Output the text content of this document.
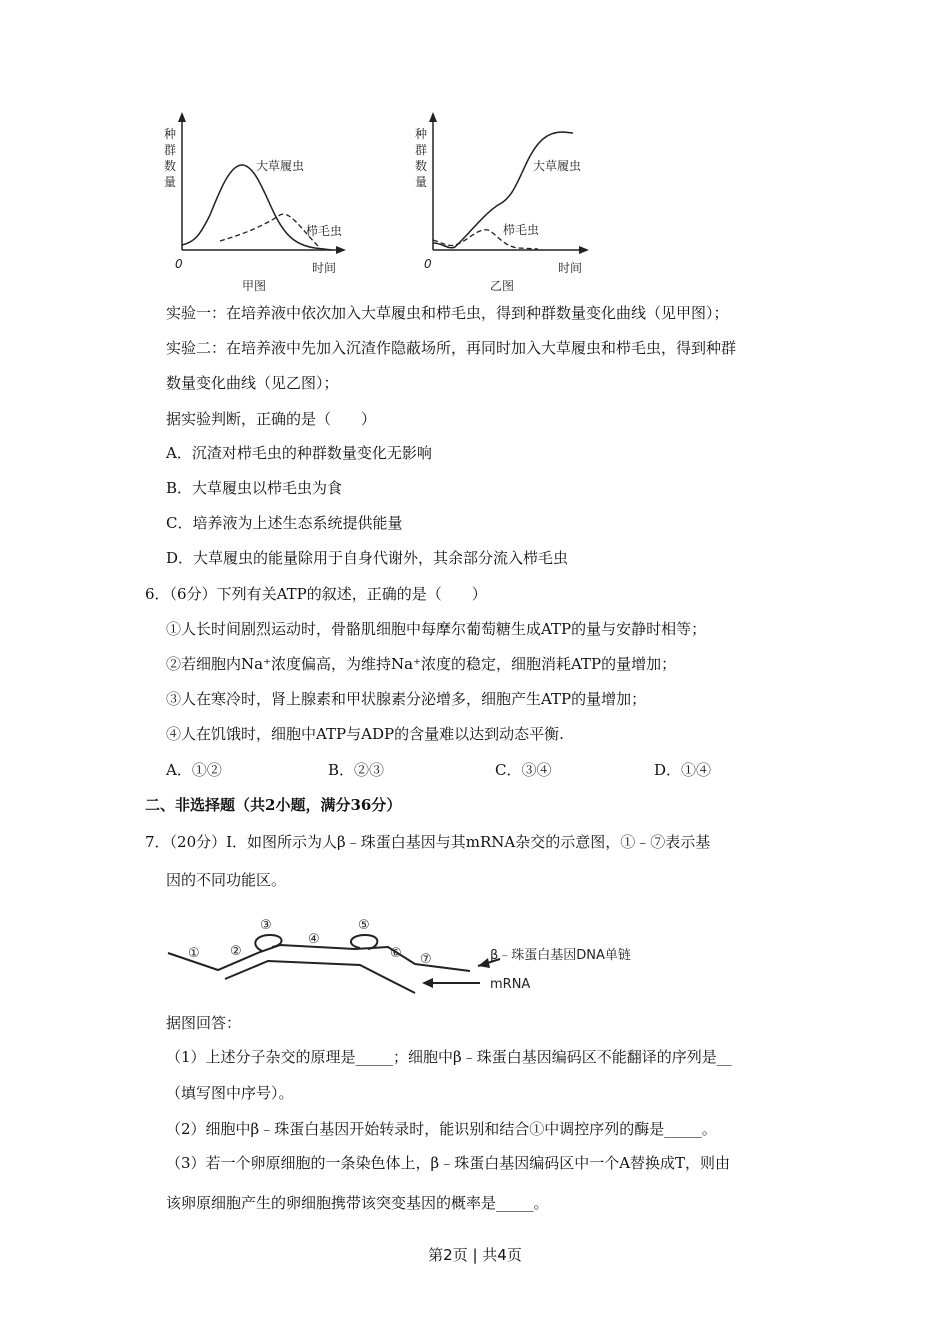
种
群
数
量
0	时间
甲图
大草履虫
栉毛虫
种
群
数
量
0	时间
乙图
大草履虫
栉毛虫
实验一：在培养液中依次加入大草履虫和栉毛虫，得到种群数量变化曲线（见甲图）；
实验二：在培养液中先加入沉渣作隐蔽场所，再同时加入大草履虫和栉毛虫，得到种群
数量变化曲线（见乙图）；
据实验判断，正确的是（　　）
A．沉渣对栉毛虫的种群数量变化无影响
B．大草履虫以栉毛虫为食
C．培养液为上述生态系统提供能量
D．大草履虫的能量除用于自身代谢外，其余部分流入栉毛虫
6．（6分）下列有关ATP的叙述，正确的是（　　）
①人长时间剧烈运动时，骨骼肌细胞中每摩尔葡萄糖生成ATP的量与安静时相等；
②若细胞内Na⁺浓度偏高，为维持Na⁺浓度的稳定，细胞消耗ATP的量增加；
③人在寒冷时，肾上腺素和甲状腺素分泌增多，细胞产生ATP的量增加；
④人在饥饿时，细胞中ATP与ADP的含量难以达到动态平衡.
A．①②	B．②③	C．③④	D．①④
二、非选择题（共2小题，满分36分）
7．（20分）Ⅰ．如图所示为人β﹣珠蛋白基因与其mRNA杂交的示意图，①﹣⑦表示基
因的不同功能区。
① ②
③
④
⑤
⑥ ⑦	β﹣珠蛋白基因DNA单链
mRNA
据图回答：
（1）上述分子杂交的原理是_____；细胞中β﹣珠蛋白基因编码区不能翻译的序列是__
（填写图中序号）。
（2）细胞中β﹣珠蛋白基因开始转录时，能识别和结合①中调控序列的酶是_____。
（3）若一个卵原细胞的一条染色体上，β﹣珠蛋白基因编码区中一个A替换成T，则由
该卵原细胞产生的卵细胞携带该突变基因的概率是_____。
第2页 | 共4页
